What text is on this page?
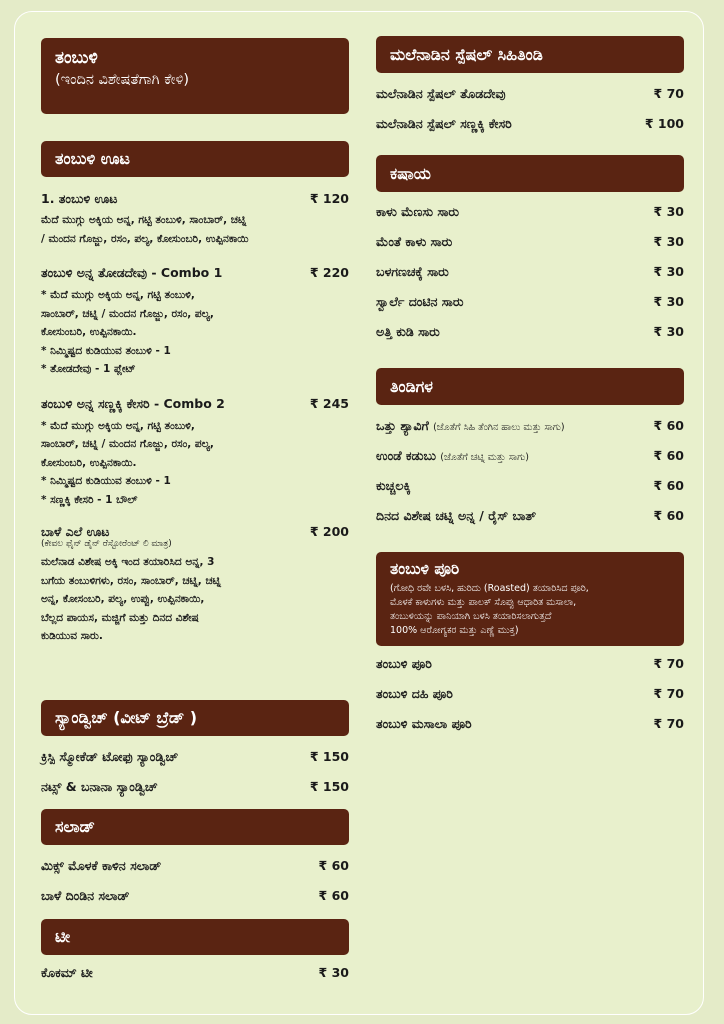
ತಂಬುಳಿ
(ಇಂದಿನ ವಿಶೇಷತೆಗಾಗಿ ಕೇಳಿ)
ತಂಬುಳಿ ಊಟ
1. ತಂಬುಳಿ ಊಟ	₹ 120
ಮೆದೆ ಮುಗ್ಗು ಅಕ್ಕಿಯ ಅನ್ನ, ಗಟ್ಟಿ ತಂಬುಳಿ, ಸಾಂಬಾರ್, ಚಟ್ನಿ
/ ಮಂದನ ಗೊಜ್ಜು, ರಸಂ, ಪಲ್ಯ, ಕೋಸುಂಬರಿ, ಉಪ್ಪಿನಕಾಯಿ
ತಂಬುಳಿ ಅನ್ನ ತೋಡದೇವು - Combo 1	₹ 220
* ಮೆದೆ ಮುಗ್ಗು ಅಕ್ಕಿಯ ಅನ್ನ, ಗಟ್ಟಿ ತಂಬುಳಿ,
ಸಾಂಬಾರ್, ಚಟ್ನಿ / ಮಂದನ ಗೊಜ್ಜು, ರಸಂ, ಪಲ್ಯ,
ಕೋಸುಂಬರಿ, ಉಪ್ಪಿನಕಾಯಿ.
* ನಿಮ್ಮಿಷ್ಟದ ಕುಡಿಯುವ ತಂಬುಳಿ - 1
* ತೋಡದೇವು - 1 ಪ್ಲೇಟ್
ತಂಬುಳಿ ಅನ್ನ ಸಣ್ಣಕ್ಕಿ ಕೇಸರಿ - Combo 2	₹ 245
* ಮೆದೆ ಮುಗ್ಗು ಅಕ್ಕಿಯ ಅನ್ನ, ಗಟ್ಟಿ ತಂಬುಳಿ,
ಸಾಂಬಾರ್, ಚಟ್ನಿ / ಮಂದನ ಗೊಜ್ಜು, ರಸಂ, ಪಲ್ಯ,
ಕೋಸುಂಬರಿ, ಉಪ್ಪಿನಕಾಯಿ.
* ನಿಮ್ಮಿಷ್ಟದ ಕುಡಿಯುವ ತಂಬುಳಿ - 1
* ಸಣ್ಣಕ್ಕಿ ಕೇಸರಿ - 1 ಬೌಲ್
ಬಾಳೆ ಎಲೆ ಊಟ	₹ 200
(ಕೇವಲ ಫೈನ್ ಡೈನ್ ರೆಸ್ಟೋರೆಂಟ್ ಲಿ ಮಾತ್ರ)
ಮಲೆನಾಡ ವಿಶೇಷ ಅಕ್ಕಿ ಇಂದ ತಯಾರಿಸಿದ ಅನ್ನ, 3
ಬಗೆಯ ತಂಬುಳಿಗಳು, ರಸಂ, ಸಾಂಬಾರ್, ಚಟ್ನಿ, ಚಟ್ನಿ
ಅನ್ನ, ಕೋಸಂಬರಿ, ಪಲ್ಯ, ಉಪ್ಪು, ಉಪ್ಪಿನಕಾಯಿ,
ಬೆಲ್ಲದ ಪಾಯಸ, ಮಜ್ಜಿಗೆ ಮತ್ತು ದಿನದ ವಿಶೇಷ
ಕುಡಿಯುವ ಸಾರು.
ಸ್ಯಾಂಡ್ವಿಚ್ (ವೀಟ್ ಬ್ರೆಡ್ )
ಕ್ರಿಸ್ಪಿ ಸ್ಮೋಕೆಡ್ ಟೋಫು ಸ್ಯಾಂಡ್ವಿಚ್	₹ 150
ನಟ್ಸ್ & ಬನಾನಾ ಸ್ಯಾಂಡ್ವಿಚ್	₹ 150
ಸಲಾಡ್
ಮಿಕ್ಸ್ ಮೊಳಕೆ ಕಾಳಿನ ಸಲಾಡ್	₹ 60
ಬಾಳೆ ದಿಂಡಿನ ಸಲಾಡ್	₹ 60
ಟೀ
ಕೊಕಮ್ ಟೀ	₹ 30
ಮಲೆನಾಡಿನ ಸ್ಪೆಷಲ್ ಸಿಹಿತಿಂಡಿ
ಮಲೆನಾಡಿನ ಸ್ಪೆಷಲ್ ತೊಡದೇವು	₹ 70
ಮಲೆನಾಡಿನ ಸ್ಪೆಷಲ್ ಸಣ್ಣಕ್ಕಿ ಕೇಸರಿ	₹ 100
ಕಷಾಯ
ಕಾಳು ಮೆಣಸು ಸಾರು	₹ 30
ಮೆಂತೆ ಕಾಳು ಸಾರು	₹ 30
ಬಳಗಣಚಕ್ಕೆ ಸಾರು	₹ 30
ಸ್ವಾರ್ಲೆ ದಂಟಿನ ಸಾರು	₹ 30
ಅತ್ತಿ ಕುಡಿ ಸಾರು	₹ 30
ತಿಂಡಿಗಳ
ಒತ್ತು ಶ್ಯಾವಿಗೆ (ಜೊತೆಗೆ ಸಿಹಿ ತೆಂಗಿನ ಹಾಲು ಮತ್ತು ಸಾಗು)	₹ 60
ಉಂಡೆ ಕಡುಬು (ಜೊತೆಗೆ ಚಟ್ನಿ ಮತ್ತು ಸಾಗು)	₹ 60
ಕುಚ್ಚಲಕ್ಕಿ	₹ 60
ದಿನದ ವಿಶೇಷ ಚಟ್ನಿ ಅನ್ನ / ರೈಸ್ ಬಾತ್	₹ 60
ತಂಬುಳಿ ಪೂರಿ
(ಗೋಧಿ ರವೇ ಬಳಸಿ, ಹುರಿದು (Roasted) ತಯಾರಿಸಿದ ಪೂರಿ,
ಮೊಳಕೆ ಕಾಳುಗಳು ಮತ್ತು ಪಾಲಕ್ ಸೊಪ್ಪು ಆಧಾರಿತ ಮಸಾಲಾ,
ತಂಬುಳಿಯನ್ನು ಪಾನಿಯಾಗಿ ಬಳಸಿ ತಯಾರಿಸಲಾಗುತ್ತದೆ
100% ಆರೋಗ್ಯಕರ ಮತ್ತು ಎಣ್ಣೆ ಮುಕ್ತ)
ತಂಬುಳಿ ಪೂರಿ	₹ 70
ತಂಬುಳಿ ದಹಿ ಪೂರಿ	₹ 70
ತಂಬುಳಿ ಮಸಾಲಾ ಪೂರಿ	₹ 70
